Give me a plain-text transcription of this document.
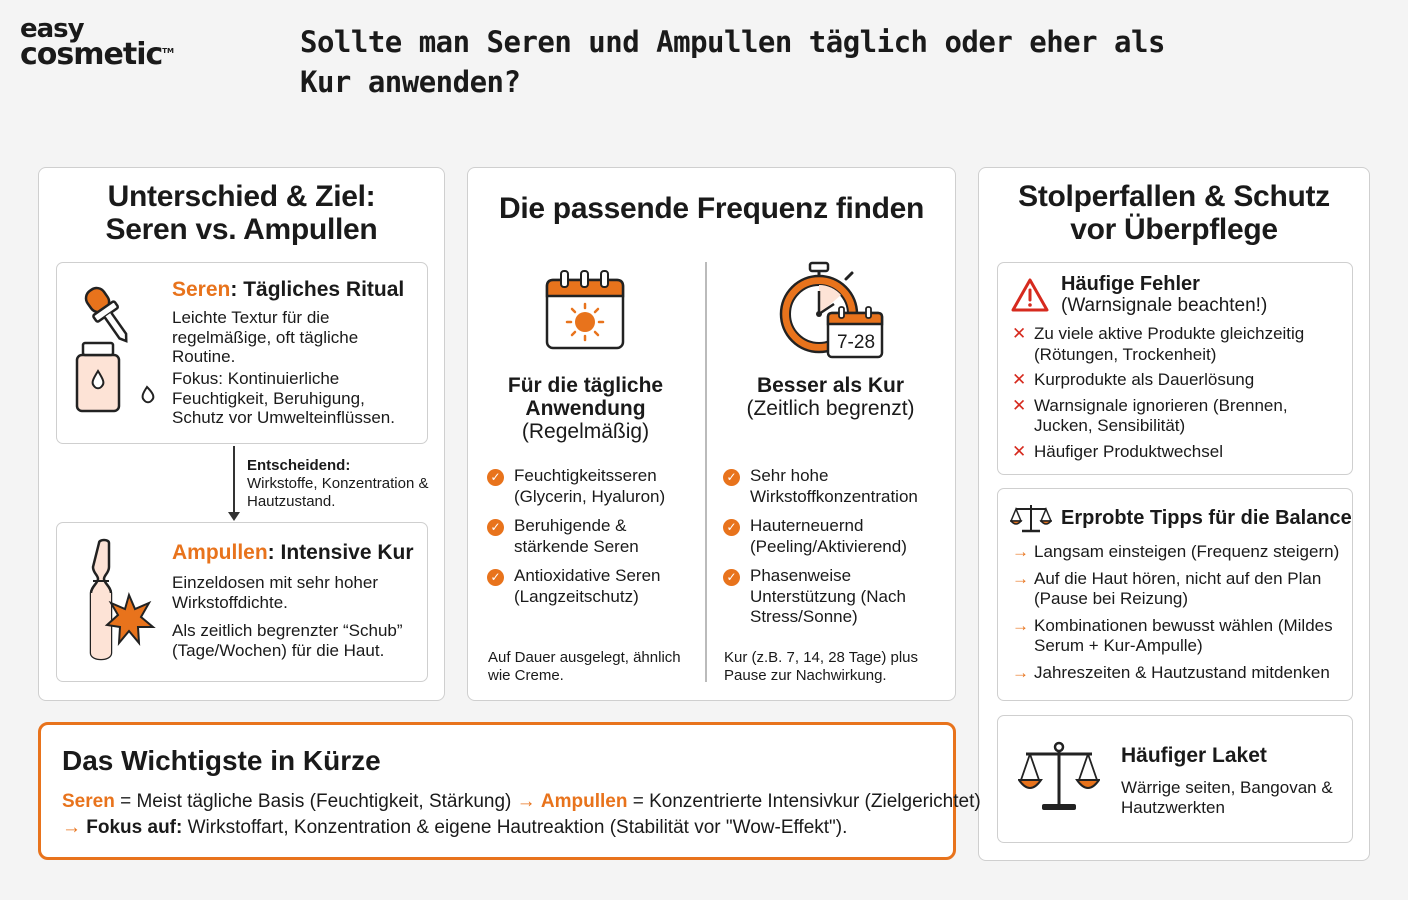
easy
cosmetic™	Sollte man Seren und Ampullen täglich oder eher als Kur anwenden?
Unterschied & Ziel:
Seren vs. Ampullen
Seren: Tägliches Ritual
Leichte Textur für die regelmäßige, oft tägliche Routine.
Fokus: Kontinuierliche Feuchtigkeit, Beruhigung, Schutz vor Umwelteinflüssen.
Entscheidend:
Wirkstoffe, Konzentration & Hautzustand.
Ampullen: Intensive Kur
Einzeldosen mit sehr hoher Wirkstoffdichte.
Als zeitlich begrenzter “Schub” (Tage/Wochen) für die Haut.
Die passende Frequenz finden
Für die tägliche
Anwendung
(Regelmäßig)
✓ Feuchtigkeitsseren (Glycerin, Hyaluron)
✓ Beruhigende & stärkende Seren
✓ Antioxidative Seren (Langzeitschutz)
Auf Dauer ausgelegt, ähnlich wie Creme.
7-28
Besser als Kur
(Zeitlich begrenzt)
✓ Sehr hohe Wirkstoffkonzentration
✓ Hauterneuernd (Peeling/Aktivierend)
✓ Phasenweise Unterstützung (Nach Stress/Sonne)
Kur (z.B. 7, 14, 28 Tage) plus Pause zur Nachwirkung.
Stolperfallen & Schutz
vor Überpflege
Häufige Fehler
(Warnsignale beachten!)
✕ Zu viele aktive Produkte gleichzeitig (Rötungen, Trockenheit)
✕ Kurprodukte als Dauerlösung
✕ Warnsignale ignorieren (Brennen, Jucken, Sensibilität)
✕ Häufiger Produktwechsel
Erprobte Tipps für die Balance
→ Langsam einsteigen (Frequenz steigern)
→ Auf die Haut hören, nicht auf den Plan (Pause bei Reizung)
→ Kombinationen bewusst wählen (Mildes Serum + Kur-Ampulle)
→ Jahreszeiten & Hautzustand mitdenken
Häufiger Laket
Wärrige seiten, Bangovan & Hautzwerkten
Das Wichtigste in Kürze
Seren = Meist tägliche Basis (Feuchtigkeit, Stärkung) → Ampullen = Konzentrierte Intensivkur (Zielgerichtet)
→ Fokus auf: Wirkstoffart, Konzentration & eigene Hautreaktion (Stabilität vor "Wow-Effekt").
